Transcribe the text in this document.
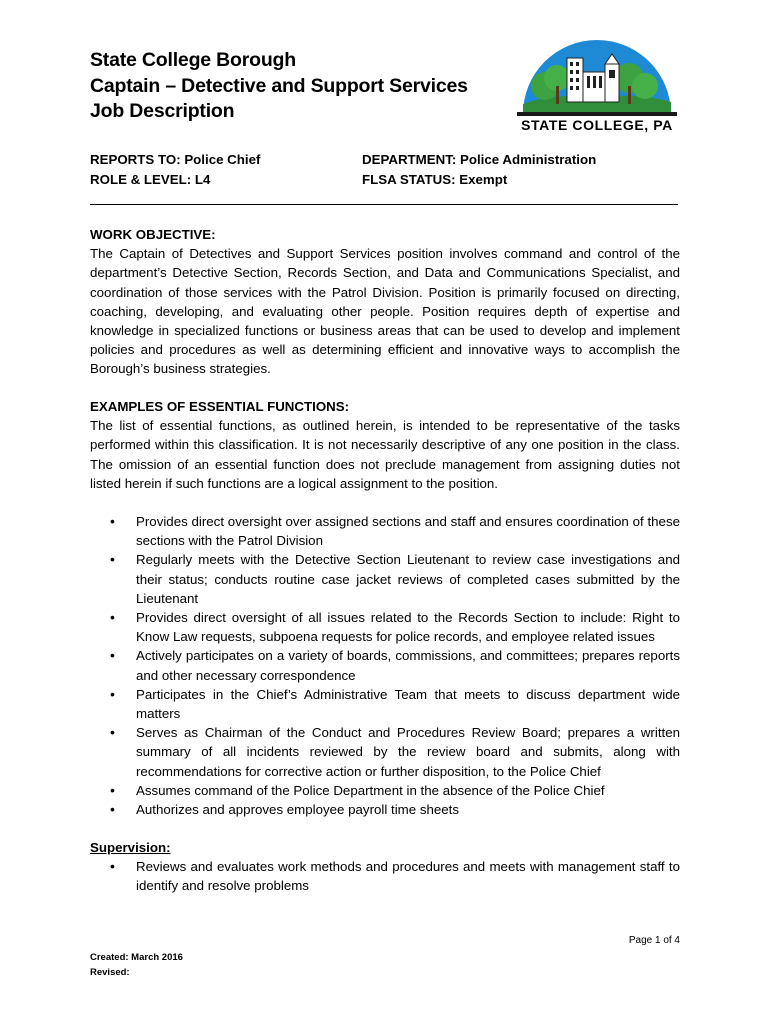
State College Borough

Captain – Detective and Support Services

Job Description

STATE COLLEGE, PA
REPORTS TO: Police Chief
ROLE & LEVEL: L4
DEPARTMENT: Police Administration
FLSA STATUS: Exempt

WORK OBJECTIVE:

The Captain of Detectives and Support Services position involves command and control of the department’s Detective Section, Records Section, and Data and Communications Specialist, and coordination of those services with the Patrol Division. Position is primarily focused on directing, coaching, developing, and evaluating other people. Position requires depth of expertise and knowledge in specialized functions or business areas that can be used to develop and implement policies and procedures as well as determining efficient and innovative ways to accomplish the Borough’s business strategies.

EXAMPLES OF ESSENTIAL FUNCTIONS:

The list of essential functions, as outlined herein, is intended to be representative of the tasks performed within this classification. It is not necessarily descriptive of any one position in the class. The omission of an essential function does not preclude management from assigning duties not listed herein if such functions are a logical assignment to the position.

• Provides direct oversight over assigned sections and staff and ensures coordination of these sections with the Patrol Division
• Regularly meets with the Detective Section Lieutenant to review case investigations and their status; conducts routine case jacket reviews of completed cases submitted by the Lieutenant
• Provides direct oversight of all issues related to the Records Section to include: Right to Know Law requests, subpoena requests for police records, and employee related issues
• Actively participates on a variety of boards, commissions, and committees; prepares reports and other necessary correspondence
• Participates in the Chief’s Administrative Team that meets to discuss department wide matters
• Serves as Chairman of the Conduct and Procedures Review Board; prepares a written summary of all incidents reviewed by the review board and submits, along with recommendations for corrective action or further disposition, to the Police Chief
• Assumes command of the Police Department in the absence of the Police Chief
• Authorizes and approves employee payroll time sheets

Supervision:

• Reviews and evaluates work methods and procedures and meets with management staff to identify and resolve problems
Page 1 of 4
Created: March 2016
Revised:
